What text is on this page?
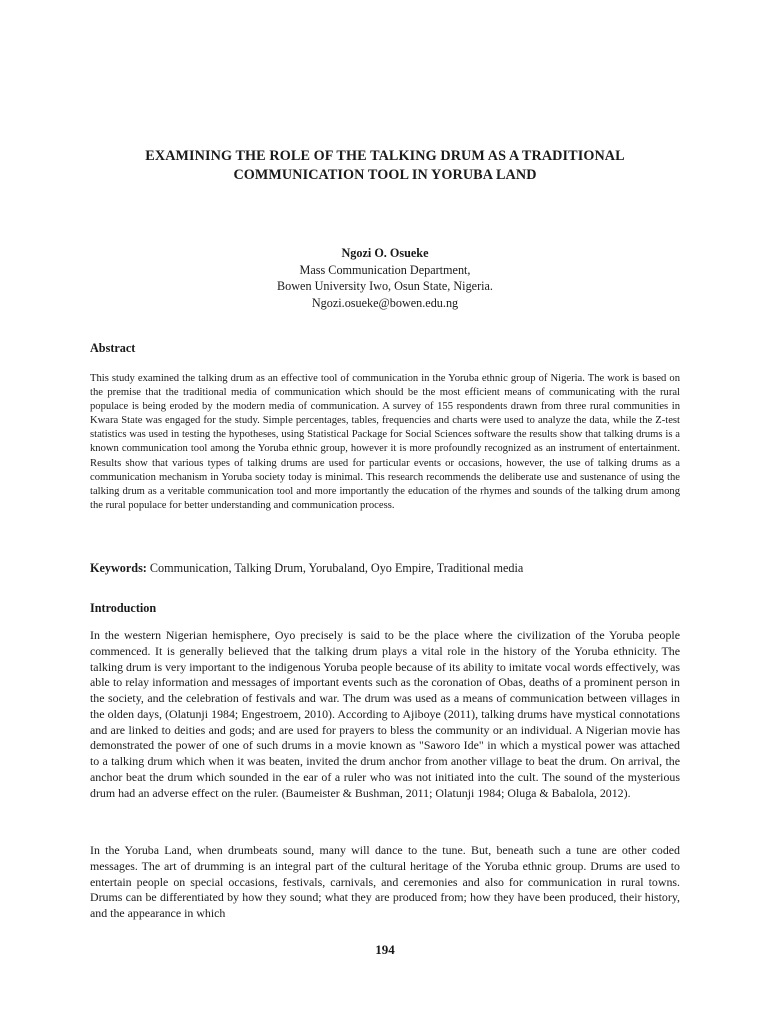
EXAMINING THE ROLE OF THE TALKING DRUM AS A TRADITIONAL
COMMUNICATION TOOL IN YORUBA LAND
Ngozi O. Osueke
Mass Communication Department,
Bowen University Iwo, Osun State, Nigeria.
Ngozi.osueke@bowen.edu.ng
Abstract
This study examined the talking drum as an effective tool of communication in the Yoruba ethnic group of Nigeria. The work is based on the premise that the traditional media of communication which should be the most efficient means of communicating with the rural populace is being eroded by the modern media of communication. A survey of 155 respondents drawn from three rural communities in Kwara State was engaged for the study. Simple percentages, tables, frequencies and charts were used to analyze the data, while the Z-test statistics was used in testing the hypotheses, using Statistical Package for Social Sciences software the results show that talking drums is a known communication tool among the Yoruba ethnic group, however it is more profoundly recognized as an instrument of entertainment. Results show that various types of talking drums are used for particular events or occasions, however, the use of talking drums as a communication mechanism in Yoruba society today is minimal. This research recommends the deliberate use and sustenance of using the talking drum as a veritable communication tool and more importantly the education of the rhymes and sounds of the talking drum among the rural populace for better understanding and communication process.
Keywords: Communication, Talking Drum, Yorubaland, Oyo Empire, Traditional media
Introduction
In the western Nigerian hemisphere, Oyo precisely is said to be the place where the civilization of the Yoruba people commenced. It is generally believed that the talking drum plays a vital role in the history of the Yoruba ethnicity. The talking drum is very important to the indigenous Yoruba people because of its ability to imitate vocal words effectively, was able to relay information and messages of important events such as the coronation of Obas, deaths of a prominent person in the society, and the celebration of festivals and war. The drum was used as a means of communication between villages in the olden days, (Olatunji 1984; Engestroem, 2010). According to Ajiboye (2011), talking drums have mystical connotations and are linked to deities and gods; and are used for prayers to bless the community or an individual. A Nigerian movie has demonstrated the power of one of such drums in a movie known as "Saworo Ide" in which a mystical power was attached to a talking drum which when it was beaten, invited the drum anchor from another village to beat the drum. On arrival, the anchor beat the drum which sounded in the ear of a ruler who was not initiated into the cult. The sound of the mysterious drum had an adverse effect on the ruler. (Baumeister & Bushman, 2011; Olatunji 1984; Oluga & Babalola, 2012).
In the Yoruba Land, when drumbeats sound, many will dance to the tune. But, beneath such a tune are other coded messages. The art of drumming is an integral part of the cultural heritage of the Yoruba ethnic group. Drums are used to entertain people on special occasions, festivals, carnivals, and ceremonies and also for communication in rural towns. Drums can be differentiated by how they sound; what they are produced from; how they have been produced, their history, and the appearance in which
194
